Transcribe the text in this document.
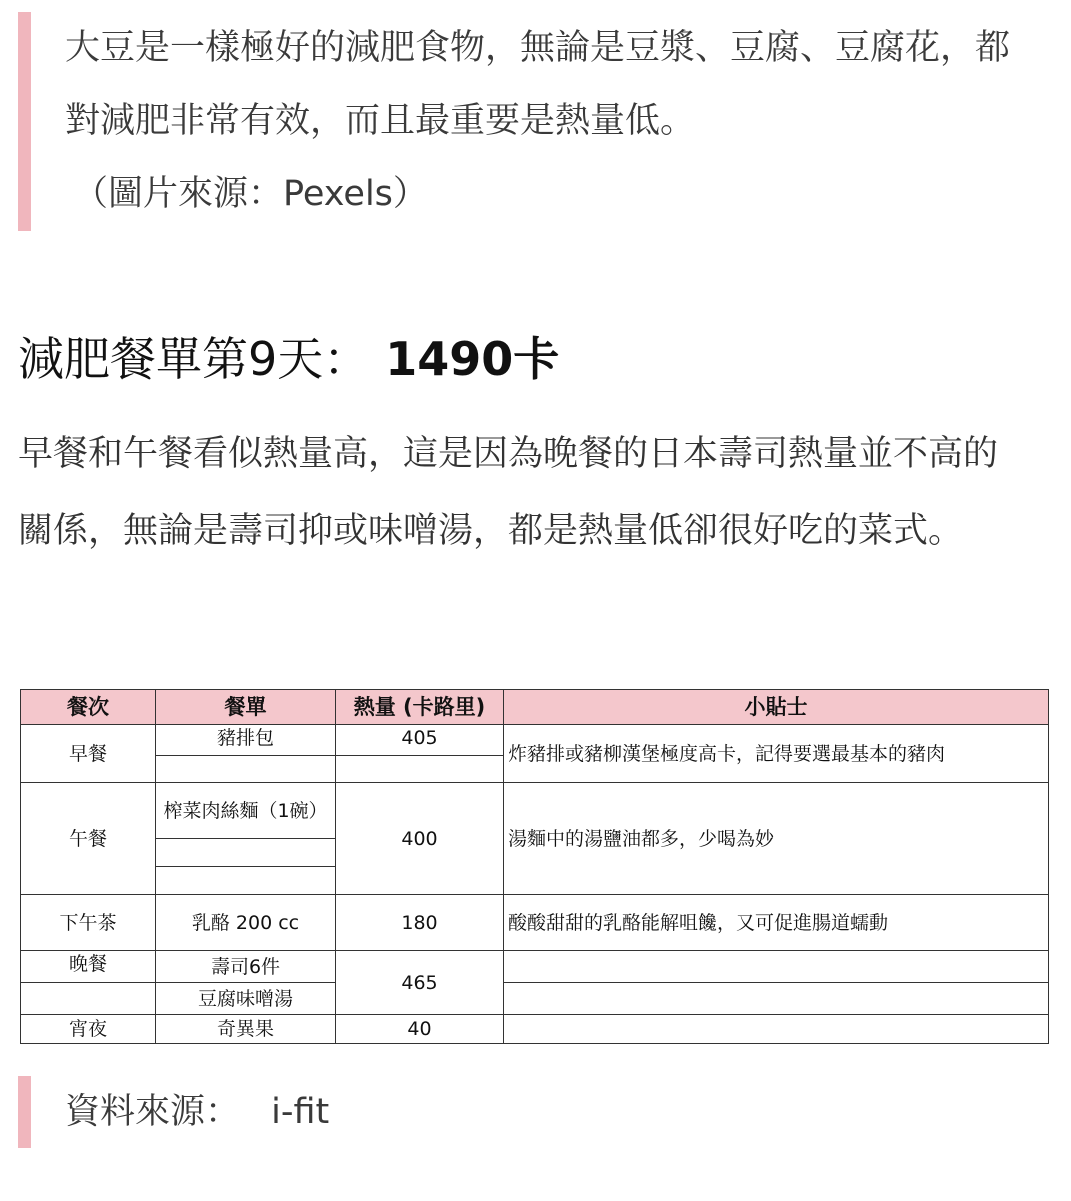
大豆是一樣極好的減肥食物，無論是豆漿、豆腐、豆腐花，都對減肥非常有效，而且最重要是熱量低。
（圖片來源：Pexels）
減肥餐單第9天： 1490卡

早餐和午餐看似熱量高，這是因為晚餐的日本壽司熱量並不高的關係，無論是壽司抑或味噌湯，都是熱量低卻很好吃的菜式。

餐次	餐單	熱量 (卡路里)	小貼士
早餐	豬排包	405	炸豬排或豬柳漢堡極度高卡，記得要選最基本的豬肉

午餐	榨菜肉絲麵（1碗）	400	湯麵中的湯鹽油都多，少喝為妙

下午茶	乳酪 200 cc	180	酸酸甜甜的乳酪能解咀饞，又可促進腸道蠕動
晚餐	壽司6件	465	
	豆腐味噌湯		
宵夜	奇異果	40	
資料來源： i-fit
